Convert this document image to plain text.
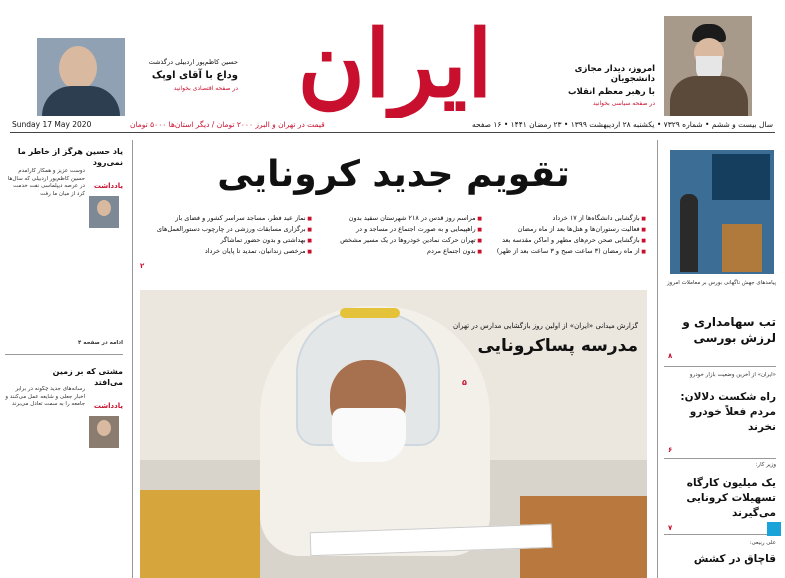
ایران
حسین کاظم‌پور اردبیلی درگذشت
وداع با آقای اوپک
در صفحه اقتصادی بخوانید
امروز، دیدار مجازی دانشجویان
با رهبر معظم انقلاب
در صفحه سیاسی بخوانید
Sunday 17 May 2020	قیمت در تهران و البرز ۲۰۰۰ تومان / دیگر استان‌ها ۵۰۰۰ تومان	سال بیست و ششم • شماره ۷۳۲۹ • یکشنبه ۲۸ اردیبهشت ۱۳۹۹ • ۲۳ رمضان ۱۴۴۱ • ۱۶ صفحه
پیامدهای جهش ناگهانی بورس بر معاملات امروز
تب سهامداری و لرزش بورسی
۸
«ایران» از آخرین وضعیت بازار خودرو
راه شکست دلالان: مردم فعلاً خودرو نخرند
۶
وزیر کار:
یک میلیون کارگاه تسهیلات کرونایی می‌گیرند
۷
علی ربیعی:
قاچاق در کشش
یاد حسین هرگز از خاطر ما نمی‌رود
یادداشت
دوست عزیز و همکار کارآمدم حسین کاظم‌پور اردبیلی که سال‌ها در عرصه دیپلماسی نفت خدمت کرد از میان ما رفت
ادامه در صفحه ۴
مشتی که بر زمین می‌افتد
یادداشت
رسانه‌های جدید چگونه در برابر اخبار جعلی و شایعه عمل می‌کنند و جامعه را به سمت تعادل می‌برند
تقویم جدید کرونایی
■ بازگشایی دانشگاه‌ها از ۱۷ خرداد
■ فعالیت رستوران‌ها و هتل‌ها بعد از ماه رمضان
■ بازگشایی صحن حرم‌های مطهر و اماکن مقدسه بعد
■ از ماه رمضان (۳ ساعت صبح و ۳ ساعت بعد از ظهر)
■ مراسم روز قدس در ۲۱۸ شهرستان سفید بدون
■ راهپیمایی و به صورت اجتماع در مساجد و در
■ تهران حرکت نمادین خودروها در یک مسیر مشخص
■ بدون اجتماع مردم
■ نماز عید فطر، مساجد سراسر کشور و فضای باز
■ برگزاری مسابقات ورزشی در چارچوب دستورالعمل‌های
■ بهداشتی و بدون حضور تماشاگر
■ مرخصی زندانیان، تمدید تا پایان خرداد
۲
گزارش میدانی «ایران» از اولین روز بازگشایی مدارس در تهران
مدرسه پساکرونایی
۵
